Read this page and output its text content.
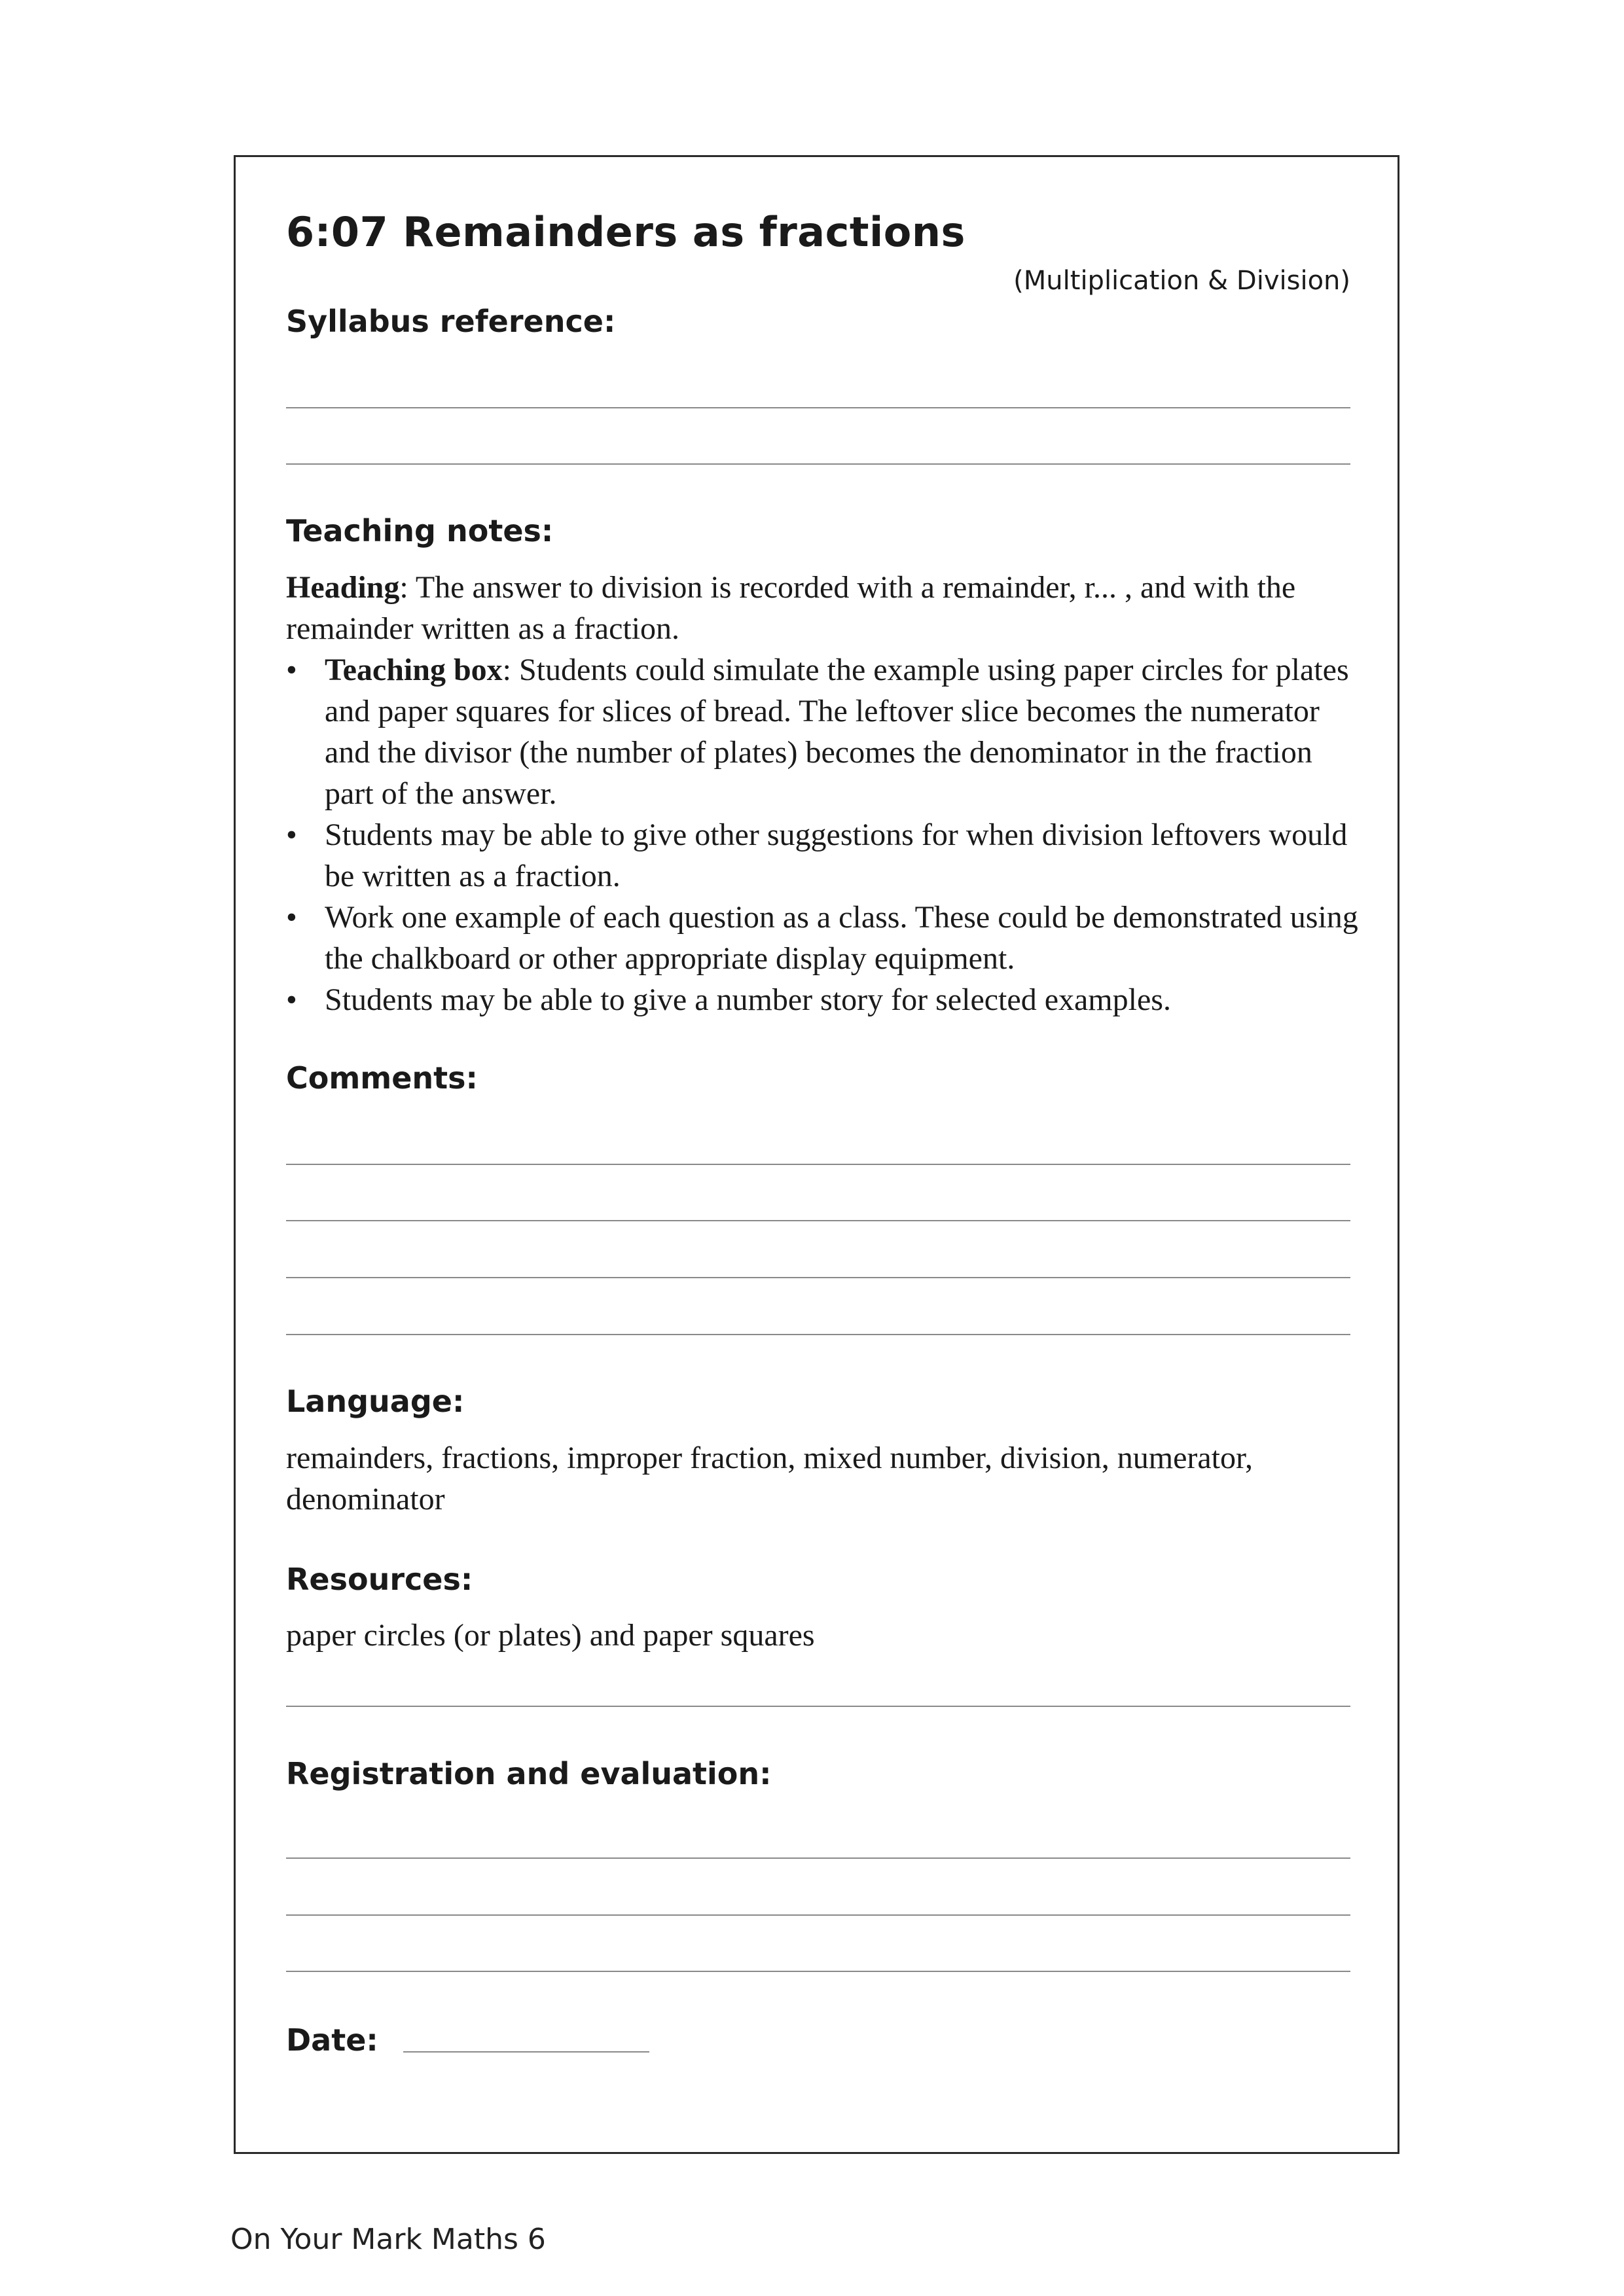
6:07 Remainders as fractions
(Multiplication & Division)
Syllabus reference:
Teaching notes:

Heading: The answer to division is recorded with a remainder, r... , and with the remainder written as a fraction.

• Teaching box: Students could simulate the example using paper circles for plates and paper squares for slices of bread. The leftover slice becomes the numerator and the divisor (the number of plates) becomes the denominator in the fraction part of the answer.
• Students may be able to give other suggestions for when division leftovers would be written as a fraction.
• Work one example of each question as a class. These could be demonstrated using the chalkboard or other appropriate display equipment.
• Students may be able to give a number story for selected examples.
Comments:
Language:
remainders, fractions, improper fraction, mixed number, division, numerator, denominator
Resources:
paper circles (or plates) and paper squares
Registration and evaluation:
Date:
On Your Mark Maths 6
